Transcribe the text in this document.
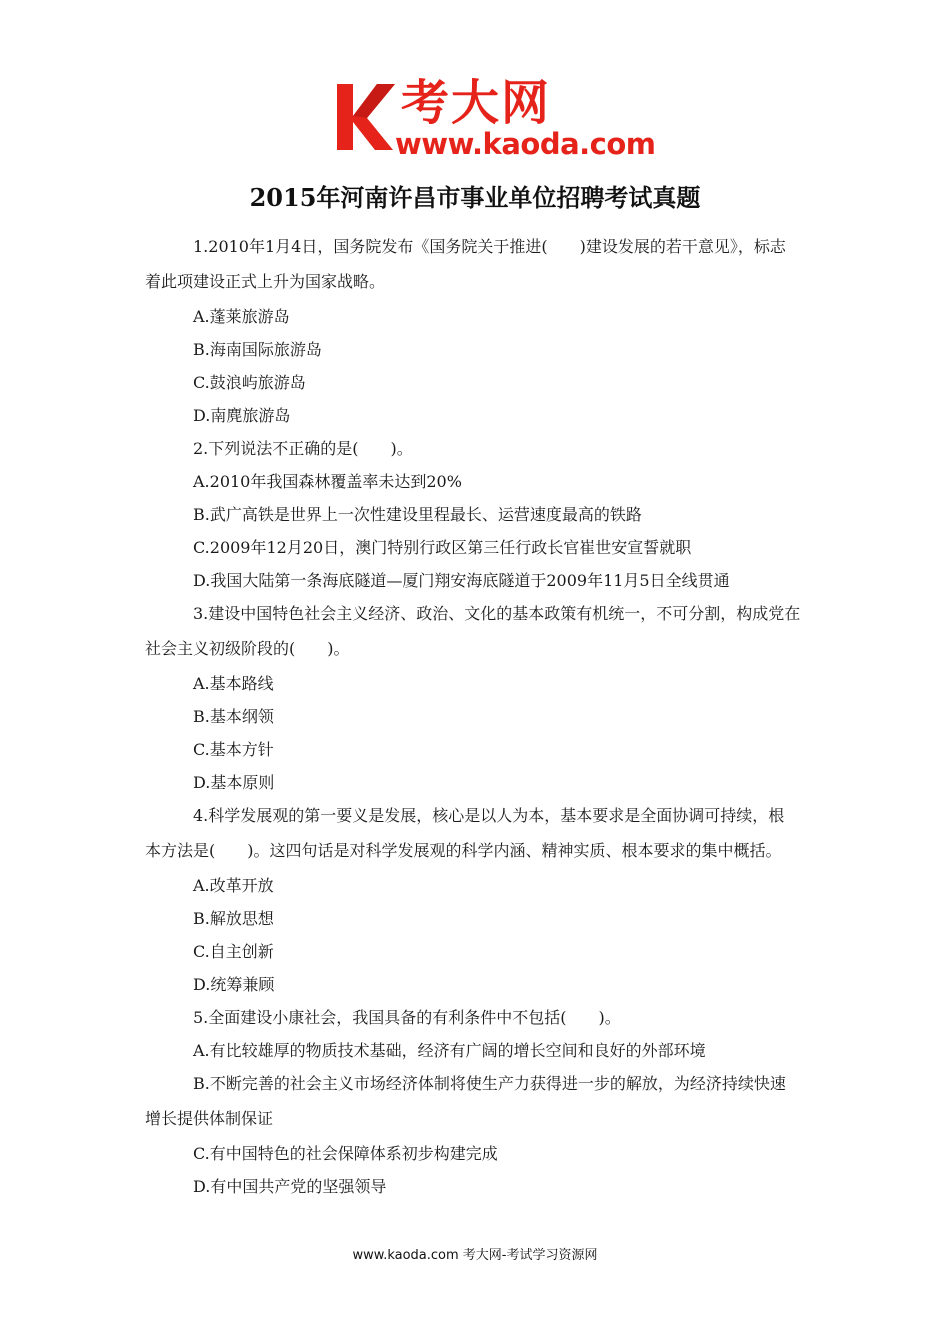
考大网
www.kaoda.com
2015年河南许昌市事业单位招聘考试真题
1.2010年1月4日，国务院发布《国务院关于推进(　　)建设发展的若干意见》，标志
着此项建设正式上升为国家战略。
A.蓬莱旅游岛
B.海南国际旅游岛
C.鼓浪屿旅游岛
D.南麂旅游岛
2.下列说法不正确的是(　　)。
A.2010年我国森林覆盖率未达到20%
B.武广高铁是世界上一次性建设里程最长、运营速度最高的铁路
C.2009年12月20日，澳门特别行政区第三任行政长官崔世安宣誓就职
D.我国大陆第一条海底隧道—厦门翔安海底隧道于2009年11月5日全线贯通
3.建设中国特色社会主义经济、政治、文化的基本政策有机统一，不可分割，构成党在
社会主义初级阶段的(　　)。
A.基本路线
B.基本纲领
C.基本方针
D.基本原则
4.科学发展观的第一要义是发展，核心是以人为本，基本要求是全面协调可持续，根
本方法是(　　)。这四句话是对科学发展观的科学内涵、精神实质、根本要求的集中概括。
A.改革开放
B.解放思想
C.自主创新
D.统筹兼顾
5.全面建设小康社会，我国具备的有利条件中不包括(　　)。
A.有比较雄厚的物质技术基础，经济有广阔的增长空间和良好的外部环境
B.不断完善的社会主义市场经济体制将使生产力获得进一步的解放，为经济持续快速
增长提供体制保证
C.有中国特色的社会保障体系初步构建完成
D.有中国共产党的坚强领导
www.kaoda.com 考大网-考试学习资源网
